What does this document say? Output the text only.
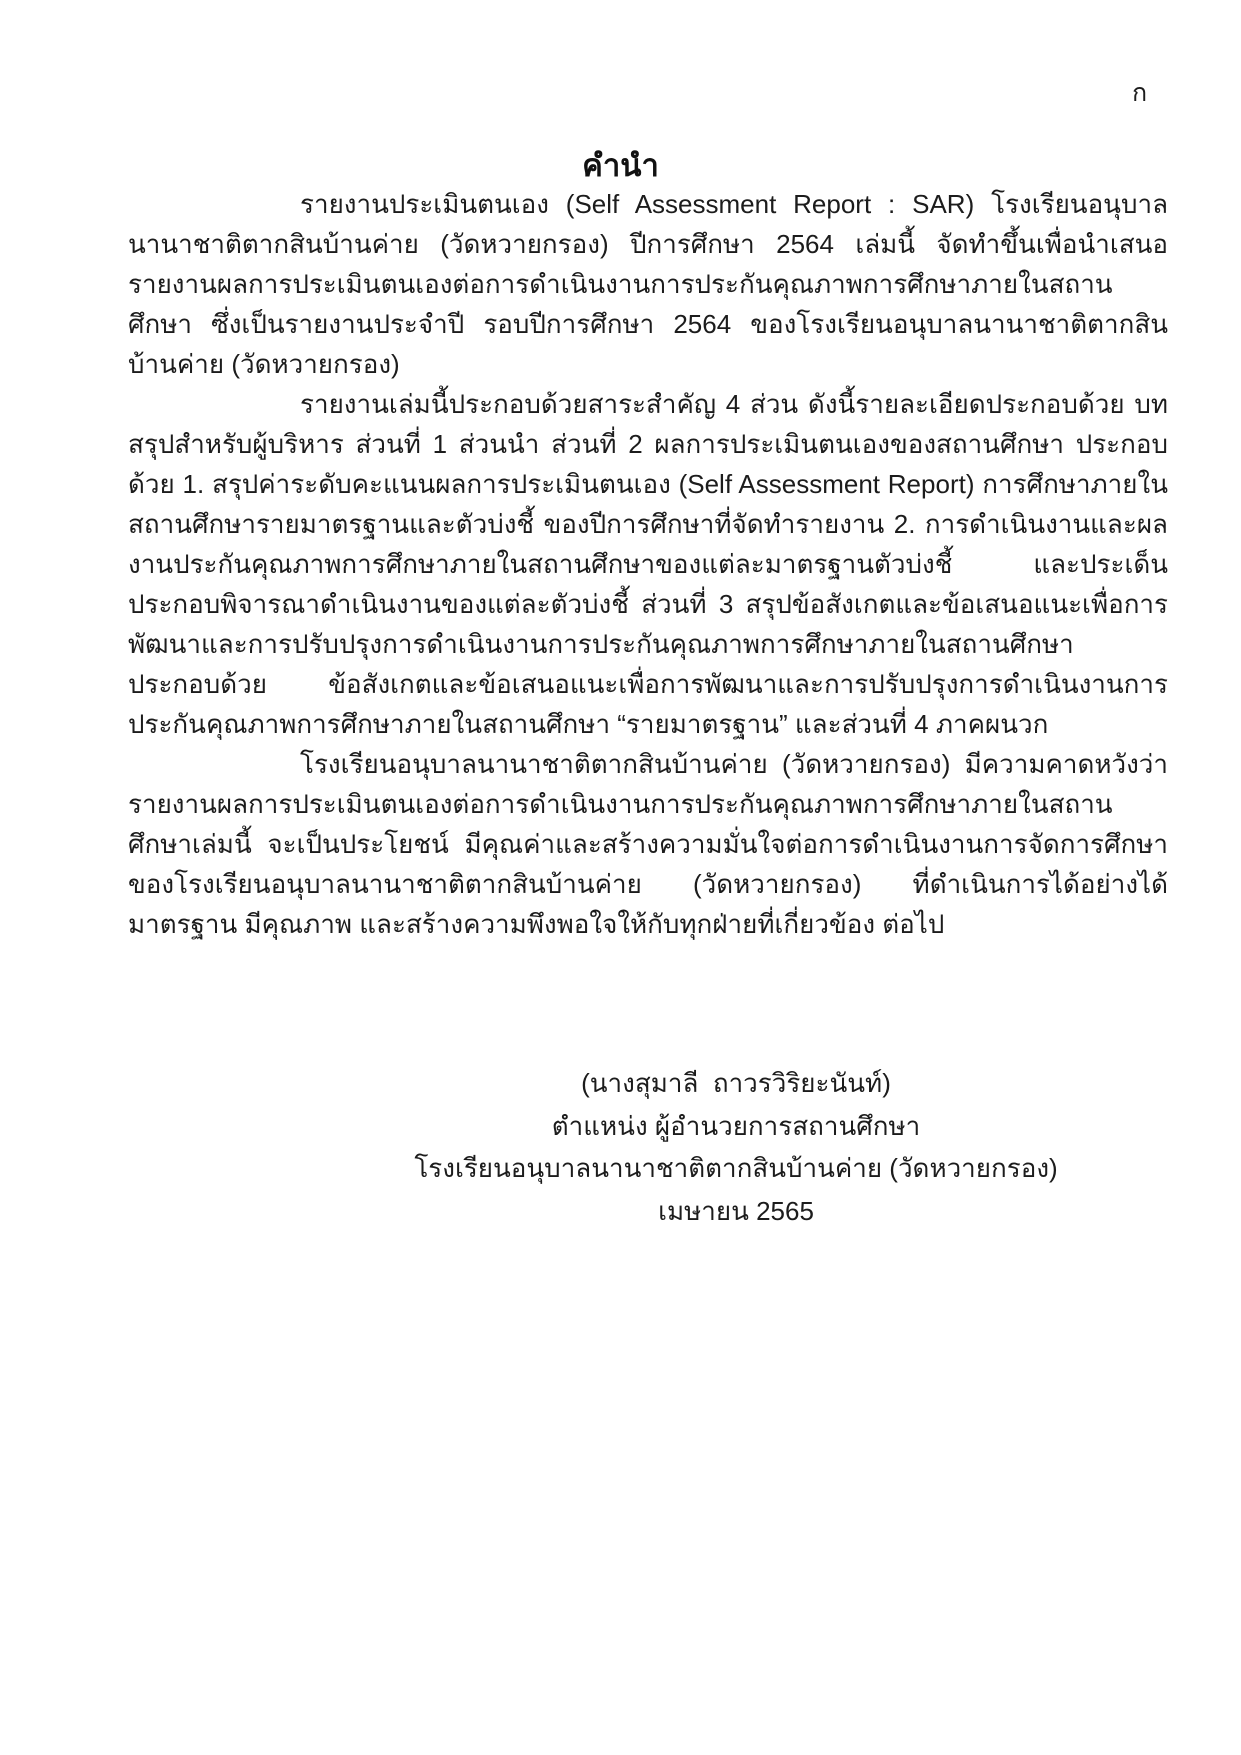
ก
คำนำ

รายงานประเมินตนเอง (Self Assessment Report : SAR) โรงเรียนอนุบาลนานาชาติตากสินบ้านค่าย (วัดหวายกรอง) ปีการศึกษา 2564 เล่มนี้ จัดทำขึ้นเพื่อนำเสนอรายงานผลการประเมินตนเองต่อการดำเนินงานการประกันคุณภาพการศึกษาภายในสถานศึกษา ซึ่งเป็นรายงานประจำปี รอบปีการศึกษา 2564 ของโรงเรียนอนุบาลนานาชาติตากสินบ้านค่าย (วัดหวายกรอง)

รายงานเล่มนี้ประกอบด้วยสาระสำคัญ 4 ส่วน ดังนี้รายละเอียดประกอบด้วย บทสรุปสำหรับผู้บริหาร ส่วนที่ 1 ส่วนนำ ส่วนที่ 2 ผลการประเมินตนเองของสถานศึกษา ประกอบด้วย 1. สรุปค่าระดับคะแนนผลการประเมินตนเอง (Self Assessment Report) การศึกษาภายในสถานศึกษารายมาตรฐานและตัวบ่งชี้ ของปีการศึกษาที่จัดทำรายงาน 2. การดำเนินงานและผลงานประกันคุณภาพการศึกษาภายในสถานศึกษาของแต่ละมาตรฐานตัวบ่งชี้ และประเด็นประกอบพิจารณาดำเนินงานของแต่ละตัวบ่งชี้ ส่วนที่ 3 สรุปข้อสังเกตและข้อเสนอแนะเพื่อการพัฒนาและการปรับปรุงการดำเนินงานการประกันคุณภาพการศึกษาภายในสถานศึกษา ประกอบด้วย ข้อสังเกตและข้อเสนอแนะเพื่อการพัฒนาและการปรับปรุงการดำเนินงานการประกันคุณภาพการศึกษาภายในสถานศึกษา “รายมาตรฐาน” และส่วนที่ 4 ภาคผนวก

โรงเรียนอนุบาลนานาชาติตากสินบ้านค่าย (วัดหวายกรอง) มีความคาดหวังว่ารายงานผลการประเมินตนเองต่อการดำเนินงานการประกันคุณภาพการศึกษาภายในสถานศึกษาเล่มนี้ จะเป็นประโยชน์ มีคุณค่าและสร้างความมั่นใจต่อการดำเนินงานการจัดการศึกษา ของโรงเรียนอนุบาลนานาชาติตากสินบ้านค่าย (วัดหวายกรอง) ที่ดำเนินการได้อย่างได้มาตรฐาน มีคุณภาพ และสร้างความพึงพอใจให้กับทุกฝ่ายที่เกี่ยวข้อง ต่อไป

(นางสุมาลี  ถาวรวิริยะนันท์)
ตำแหน่ง ผู้อำนวยการสถานศึกษา
โรงเรียนอนุบาลนานาชาติตากสินบ้านค่าย (วัดหวายกรอง)
เมษายน 2565
